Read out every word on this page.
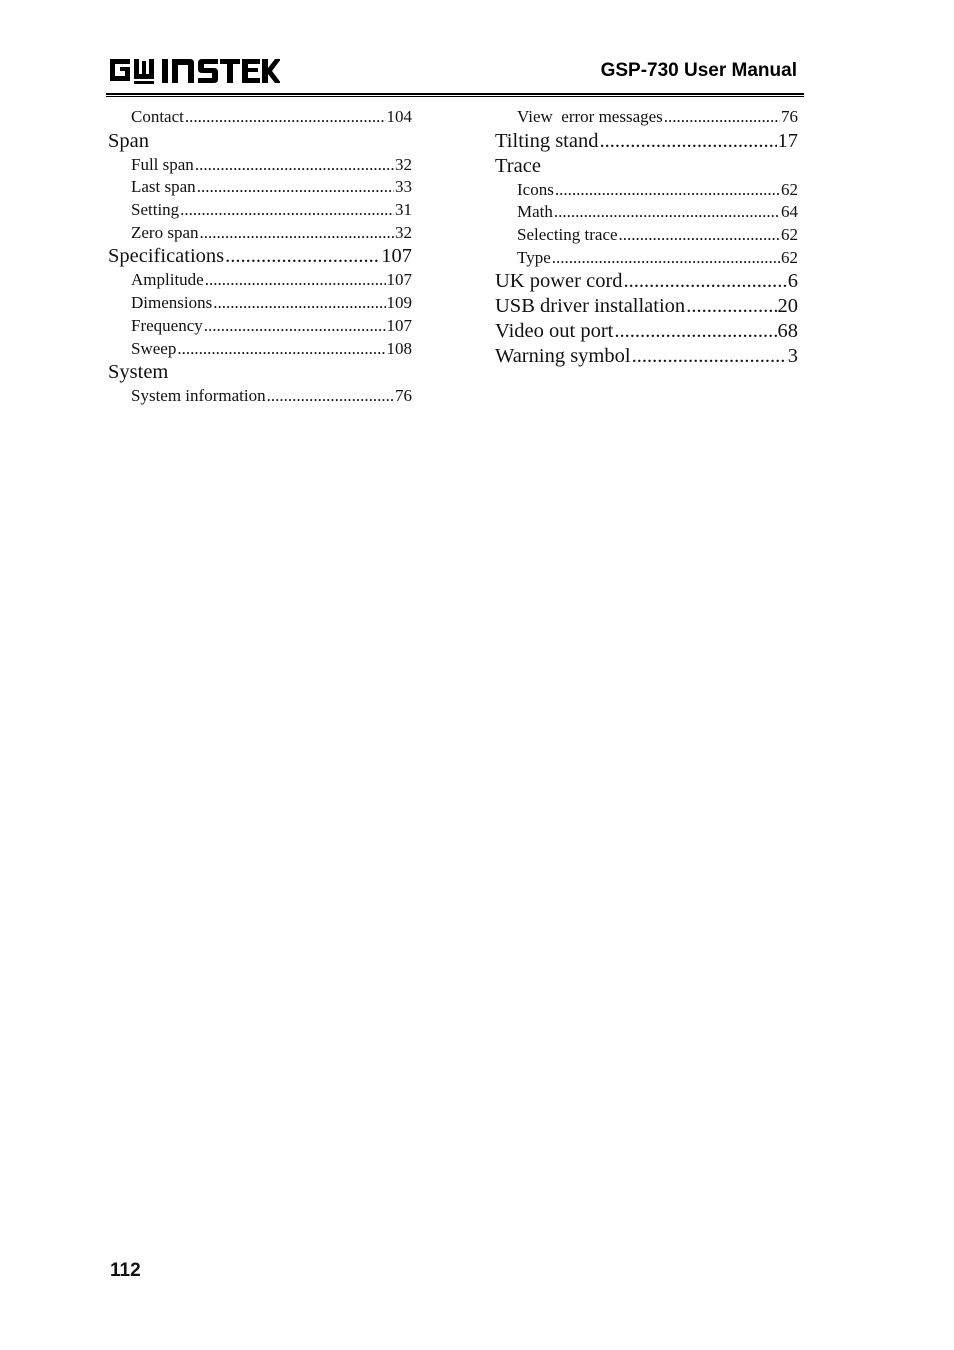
GSP-730 User Manual
Contact .....	104
Span
Full span .....	32
Last span .....	33
Setting .....	31
Zero span .....	32
Specifications .....	107
Amplitude .....	107
Dimensions .....	109
Frequency .....	107
Sweep .....	108
System
System information .....	76
View  error messages .....	76
Tilting stand .....	17
Trace
Icons .....	62
Math .....	64
Selecting trace .....	62
Type .....	62
UK power cord .....	6
USB driver installation .....	20
Video out port .....	68
Warning symbol .....	3
112
